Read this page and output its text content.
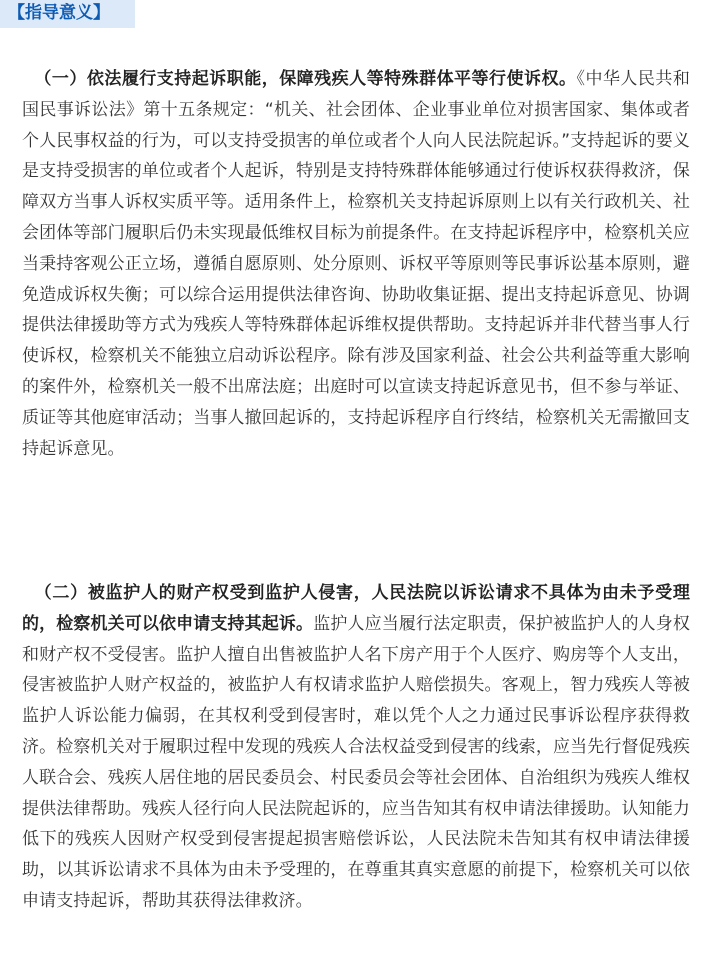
【指导意义】

（一）依法履行支持起诉职能，保障残疾人等特殊群体平等行使诉权。《中华人民共和国民事诉讼法》第十五条规定：“机关、社会团体、企业事业单位对损害国家、集体或者个人民事权益的行为，可以支持受损害的单位或者个人向人民法院起诉。”支持起诉的要义是支持受损害的单位或者个人起诉，特别是支持特殊群体能够通过行使诉权获得救济，保障双方当事人诉权实质平等。适用条件上，检察机关支持起诉原则上以有关行政机关、社会团体等部门履职后仍未实现最低维权目标为前提条件。在支持起诉程序中，检察机关应当秉持客观公正立场，遵循自愿原则、处分原则、诉权平等原则等民事诉讼基本原则，避免造成诉权失衡；可以综合运用提供法律咨询、协助收集证据、提出支持起诉意见、协调提供法律援助等方式为残疾人等特殊群体起诉维权提供帮助。支持起诉并非代替当事人行使诉权，检察机关不能独立启动诉讼程序。除有涉及国家利益、社会公共利益等重大影响的案件外，检察机关一般不出席法庭；出庭时可以宣读支持起诉意见书，但不参与举证、质证等其他庭审活动；当事人撤回起诉的，支持起诉程序自行终结，检察机关无需撤回支持起诉意见。

（二）被监护人的财产权受到监护人侵害，人民法院以诉讼请求不具体为由未予受理的，检察机关可以依申请支持其起诉。监护人应当履行法定职责，保护被监护人的人身权和财产权不受侵害。监护人擅自出售被监护人名下房产用于个人医疗、购房等个人支出，侵害被监护人财产权益的，被监护人有权请求监护人赔偿损失。客观上，智力残疾人等被监护人诉讼能力偏弱，在其权利受到侵害时，难以凭个人之力通过民事诉讼程序获得救济。检察机关对于履职过程中发现的残疾人合法权益受到侵害的线索，应当先行督促残疾人联合会、残疾人居住地的居民委员会、村民委员会等社会团体、自治组织为残疾人维权提供法律帮助。残疾人径行向人民法院起诉的，应当告知其有权申请法律援助。认知能力低下的残疾人因财产权受到侵害提起损害赔偿诉讼，人民法院未告知其有权申请法律援助，以其诉讼请求不具体为由未予受理的，在尊重其真实意愿的前提下，检察机关可以依申请支持起诉，帮助其获得法律救济。
